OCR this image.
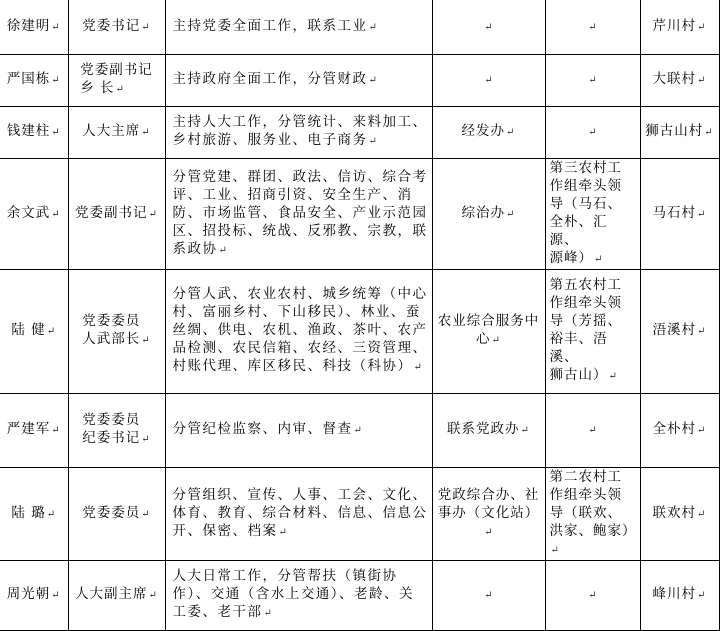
徐建明↵	党委书记↵	主持党委全面工作，联系工业↵	↵	↵	芹川村↵
严国栋↵	党委副书记
乡 长↵	主持政府全面工作，分管财政↵	↵	↵	大联村↵
钱建柱↵	人大主席↵	主持人大工作，分管统计、来料加工、乡村旅游、服务业、电子商务↵	经发办↵	↵	狮古山村↵
余文武↵	党委副书记↵	分管党建、群团、政法、信访、综合考评、工业、招商引资、安全生产、消防、市场监管、食品安全、产业示范园区、招投标、统战、反邪教、宗教，联系政协↵	综治办↵	第三农村工
作组牵头领
导（马石、
全朴、汇源、
源峰）↵	马石村↵
陆 健↵	党委委员
人武部长↵	分管人武、农业农村、城乡统筹（中心村、富丽乡村、下山移民）、林业、蚕丝绸、供电、农机、渔政、茶叶、农产品检测、农民信箱、农经、三资管理、村账代理、库区移民、科技（科协）↵	农业综合服务中心↵	第五农村工
作组牵头领
导（芳揺、
裕丰、浯溪、
狮古山）↵	浯溪村↵
严建军↵	党委委员
纪委书记↵	分管纪检监察、内审、督查↵	联系党政办↵	↵	全朴村↵
陆 璐↵	党委委员↵	分管组织、宣传、人事、工会、文化、体育、教育、综合材料、信息、信息公开、保密、档案↵	党政综合办、社事办（文化站）↵	第二农村工
作组牵头领
导（联欢、
洪家、鲍家）↵	联欢村↵
周光朝↵	人大副主席↵	人大日常工作，分管帮扶（镇街协作）、交通（含水上交通）、老龄、关工委、老干部↵	↵	↵	峰川村↵
